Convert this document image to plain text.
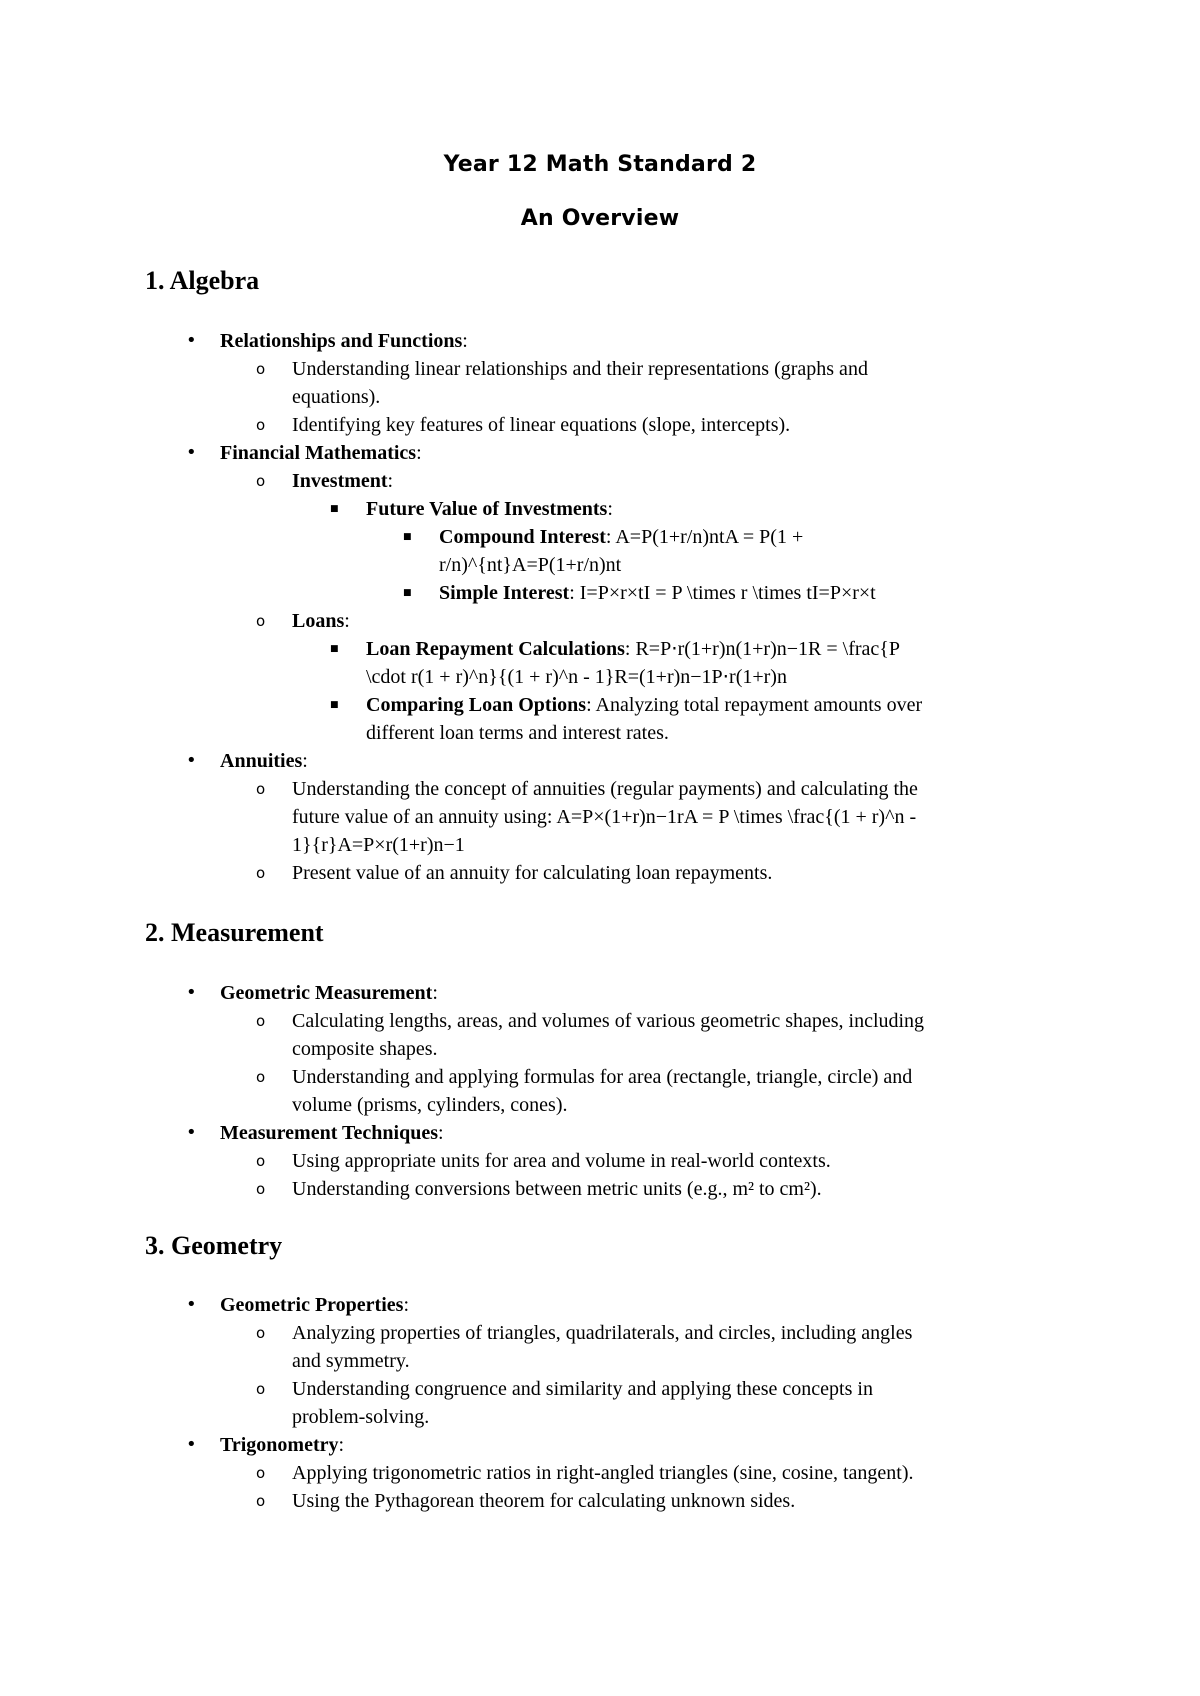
Year 12 Math Standard 2
An Overview
1. Algebra
• Relationships and Functions:
o Understanding linear relationships and their representations (graphs and
equations).
o Identifying key features of linear equations (slope, intercepts).
• Financial Mathematics:
o Investment:
■ Future Value of Investments:
■ Compound Interest: A=P(1+r/n)ntA = P(1 +
r/n)^{nt}A=P(1+r/n)nt
■ Simple Interest: I=P×r×tI = P \times r \times tI=P×r×t
o Loans:
■ Loan Repayment Calculations: R=P⋅r(1+r)n(1+r)n−1R = \frac{P
\cdot r(1 + r)^n}{(1 + r)^n - 1}R=(1+r)n−1P⋅r(1+r)n
■ Comparing Loan Options: Analyzing total repayment amounts over
different loan terms and interest rates.
• Annuities:
o Understanding the concept of annuities (regular payments) and calculating the
future value of an annuity using: A=P×(1+r)n−1rA = P \times \frac{(1 + r)^n -
1}{r}A=P×r(1+r)n−1
o Present value of an annuity for calculating loan repayments.
2. Measurement
• Geometric Measurement:
o Calculating lengths, areas, and volumes of various geometric shapes, including
composite shapes.
o Understanding and applying formulas for area (rectangle, triangle, circle) and
volume (prisms, cylinders, cones).
• Measurement Techniques:
o Using appropriate units for area and volume in real-world contexts.
o Understanding conversions between metric units (e.g., m² to cm²).
3. Geometry
• Geometric Properties:
o Analyzing properties of triangles, quadrilaterals, and circles, including angles
and symmetry.
o Understanding congruence and similarity and applying these concepts in
problem-solving.
• Trigonometry:
o Applying trigonometric ratios in right-angled triangles (sine, cosine, tangent).
o Using the Pythagorean theorem for calculating unknown sides.
